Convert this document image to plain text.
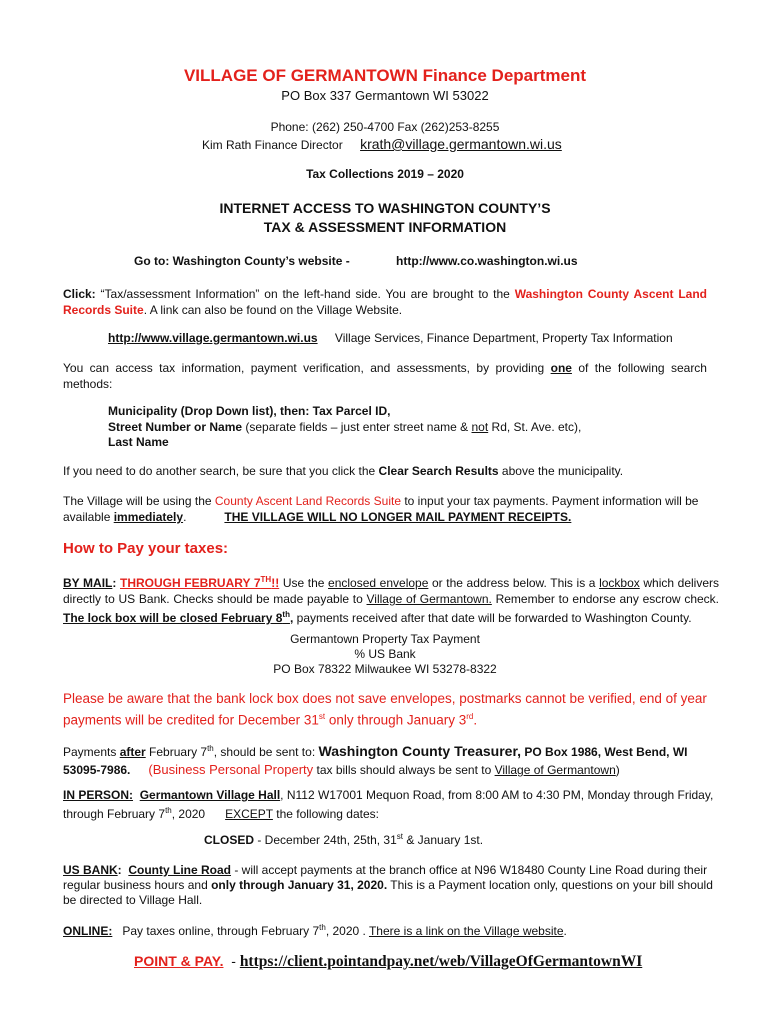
VILLAGE OF GERMANTOWN Finance Department
PO Box 337 Germantown WI 53022
Phone: (262) 250-4700 Fax (262)253-8255
Kim Rath Finance Director krath@village.germantown.wi.us
Tax Collections 2019 – 2020
INTERNET ACCESS TO WASHINGTON COUNTY’S
TAX & ASSESSMENT INFORMATION
Go to: Washington County’s website -	http://www.co.washington.wi.us
Click: “Tax/assessment Information” on the left-hand side. You are brought to the Washington County Ascent Land Records Suite. A link can also be found on the Village Website.
http://www.village.germantown.wi.us Village Services, Finance Department, Property Tax Information
You can access tax information, payment verification, and assessments, by providing one of the following search methods:
Municipality (Drop Down list), then: Tax Parcel ID,
Street Number or Name (separate fields – just enter street name & not Rd, St. Ave. etc),
Last Name
If you need to do another search, be sure that you click the Clear Search Results above the municipality.
The Village will be using the County Ascent Land Records Suite to input your tax payments. Payment information will be available immediately.	THE VILLAGE WILL NO LONGER MAIL PAYMENT RECEIPTS.
How to Pay your taxes:
BY MAIL: THROUGH FEBRUARY 7TH!! Use the enclosed envelope or the address below. This is a lockbox which delivers directly to US Bank. Checks should be made payable to Village of Germantown. Remember to endorse any escrow check. The lock box will be closed February 8th, payments received after that date will be forwarded to Washington County.
Germantown Property Tax Payment
% US Bank
PO Box 78322 Milwaukee WI 53278-8322
Please be aware that the bank lock box does not save envelopes, postmarks cannot be verified, end of year payments will be credited for December 31st only through January 3rd.
Payments after February 7th, should be sent to: Washington County Treasurer, PO Box 1986, West Bend, WI 53095-7986. (Business Personal Property tax bills should always be sent to Village of Germantown)
IN PERSON: Germantown Village Hall, N112 W17001 Mequon Road, from 8:00 AM to 4:30 PM, Monday through Friday, through February 7th, 2020      EXCEPT the following dates:
CLOSED - December 24th, 25th, 31st & January 1st.
US BANK:  County Line Road - will accept payments at the branch office at N96 W18480 County Line Road during their regular business hours and only through January 31, 2020. This is a Payment location only, questions on your bill should be directed to Village Hall.
ONLINE:   Pay taxes online, through February 7th, 2020 . There is a link on the Village website.
POINT & PAY.  - https://client.pointandpay.net/web/VillageOfGermantownWI
